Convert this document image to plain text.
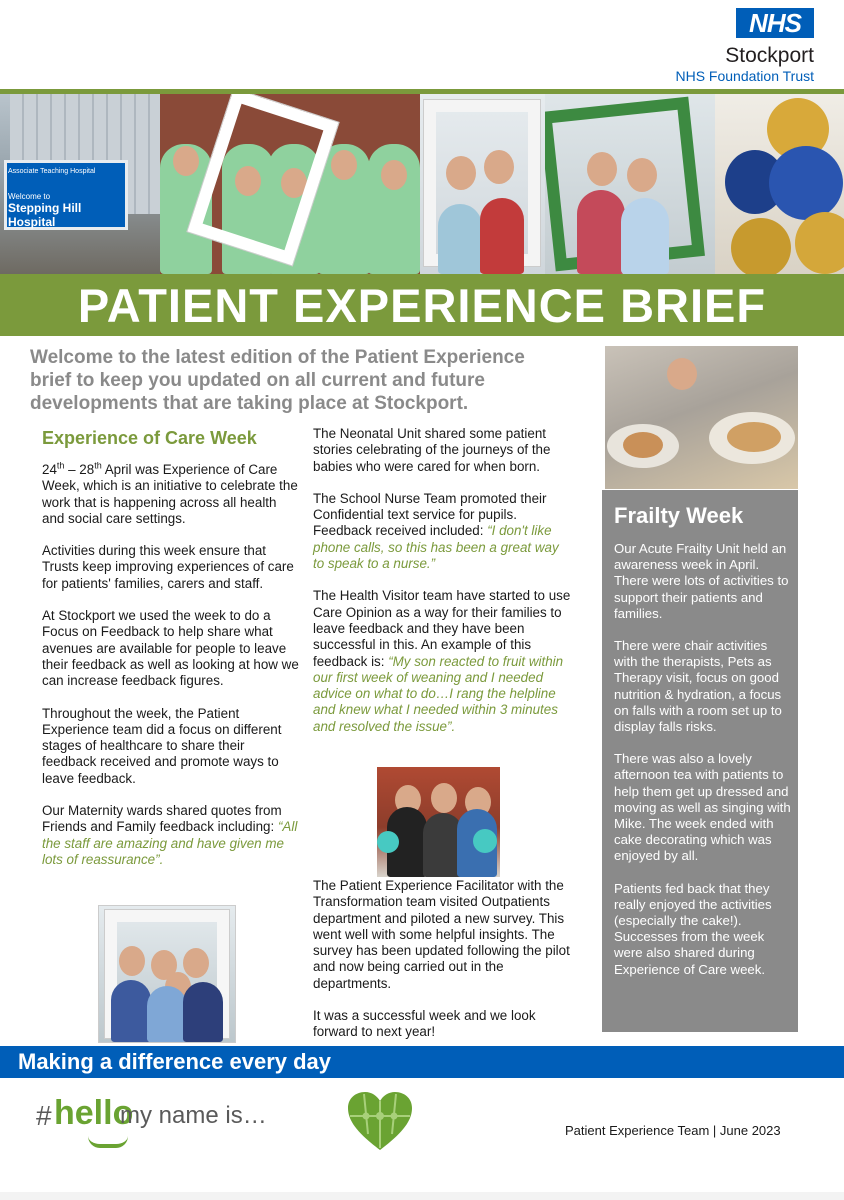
NHS
Stockport
NHS Foundation Trust
Associate Teaching Hospital
Welcome to
Stepping Hill Hospital
PATIENT EXPERIENCE BRIEF
Welcome to the latest edition of the Patient Experience brief to keep you updated on all current and future developments that are taking place at Stockport.
Experience of Care Week

24th – 28th April was Experience of Care Week, which is an initiative to celebrate the work that is happening across all health and social care settings.

Activities during this week ensure that Trusts keep improving experiences of care for patients' families, carers and staff.

At Stockport we used the week to do a Focus on Feedback to help share what avenues are available for people to leave their feedback as well as looking at how we can increase feedback figures.

Throughout the week, the Patient Experience team did a focus on different stages of healthcare to share their feedback received and promote ways to leave feedback.

Our Maternity wards shared quotes from Friends and Family feedback including: “All the staff are amazing and have given me lots of reassurance”.

The Neonatal Unit shared some patient stories celebrating of the journeys of the babies who were cared for when born.

The School Nurse Team promoted their Confidential text service for pupils. Feedback received included: “I don't like phone calls, so this has been a great way to speak to a nurse.”

The Health Visitor team have started to use Care Opinion as a way for their families to leave feedback and they have been successful in this. An example of this feedback is: “My son reacted to fruit within our first week of weaning and I needed advice on what to do…I rang the helpline and knew what I needed within 3 minutes and resolved the issue”.

The Patient Experience Facilitator with the Transformation team visited Outpatients department and piloted a new survey. This went well with some helpful insights. The survey has been updated following the pilot and now being carried out in the departments.

It was a successful week and we look forward to next year!

Frailty Week

Our Acute Frailty Unit held an awareness week in April. There were lots of activities to support their patients and families.

There were chair activities with the therapists, Pets as Therapy visit, focus on good nutrition & hydration, a focus on falls with a room set up to display falls risks.

There was also a lovely afternoon tea with patients to help them get up dressed and moving as well as singing with Mike. The week ended with cake decorating which was enjoyed by all.

Patients fed back that they really enjoyed the activities (especially the cake!). Successes from the week were also shared during Experience of Care week.

Making a difference every day
# hello
my name is…
Patient Experience Team | June 2023
